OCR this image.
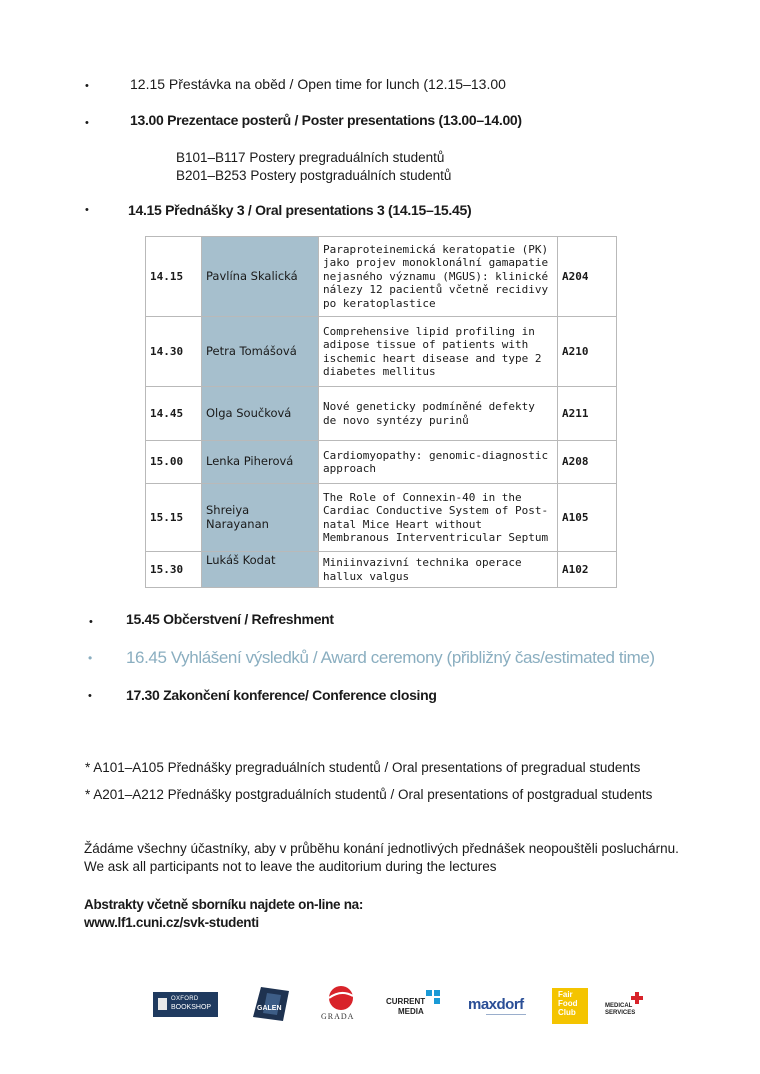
•	12.15 Přestávka na oběd / Open time for lunch (12.15–13.00
•	13.00 Prezentace posterů / Poster presentations (13.00–14.00)
B101–B117 Postery pregraduálních studentů
B201–B253 Postery postgraduálních studentů
•	14.15 Přednášky 3 / Oral presentations 3 (14.15–15.45)
14.15	Pavlína Skalická	Paraproteinemická keratopatie (PK) jako projev monoklonální gamapatie nejasného významu (MGUS): klinické nálezy 12 pacientů včetně recidivy po keratoplastice	A204
14.30	Petra Tomášová	Comprehensive lipid profiling in adipose tissue of patients with ischemic heart disease and type 2 diabetes mellitus	A210
14.45	Olga Součková	Nové geneticky podmíněné defekty de novo syntézy purinů	A211
15.00	Lenka Piherová	Cardiomyopathy: genomic-diagnostic approach	A208
15.15	Shreiya Narayanan	The Role of Connexin-40 in the Cardiac Conductive System of Post-natal Mice Heart without Membranous Interventricular Septum	A105
15.30	Lukáš Kodat	Miniinvazivní technika operace hallux valgus	A102
• 15.45 Občerstvení / Refreshment
• 16.45 Vyhlášení výsledků / Award ceremony (přibližný čas/estimated time)
• 17.30 Zakončení konference/ Conference closing
* A101–A105 Přednášky pregraduálních studentů / Oral presentations of pregradual students
* A201–A212 Přednášky postgraduálních studentů / Oral presentations of postgradual students
Žádáme všechny účastníky, aby v průběhu konání jednotlivých přednášek neopouštěli posluchárnu.
We ask all participants not to leave the auditorium during the lectures
Abstrakty včetně sborníku najdete on-line na:
www.lf1.cuni.cz/svk-studenti
OXFORD
BOOKSHOP	GALEN
GRADA
CURRENT
MEDIA	maxdorf
Fair
Food
Club
MEDICAL
SERVICES
